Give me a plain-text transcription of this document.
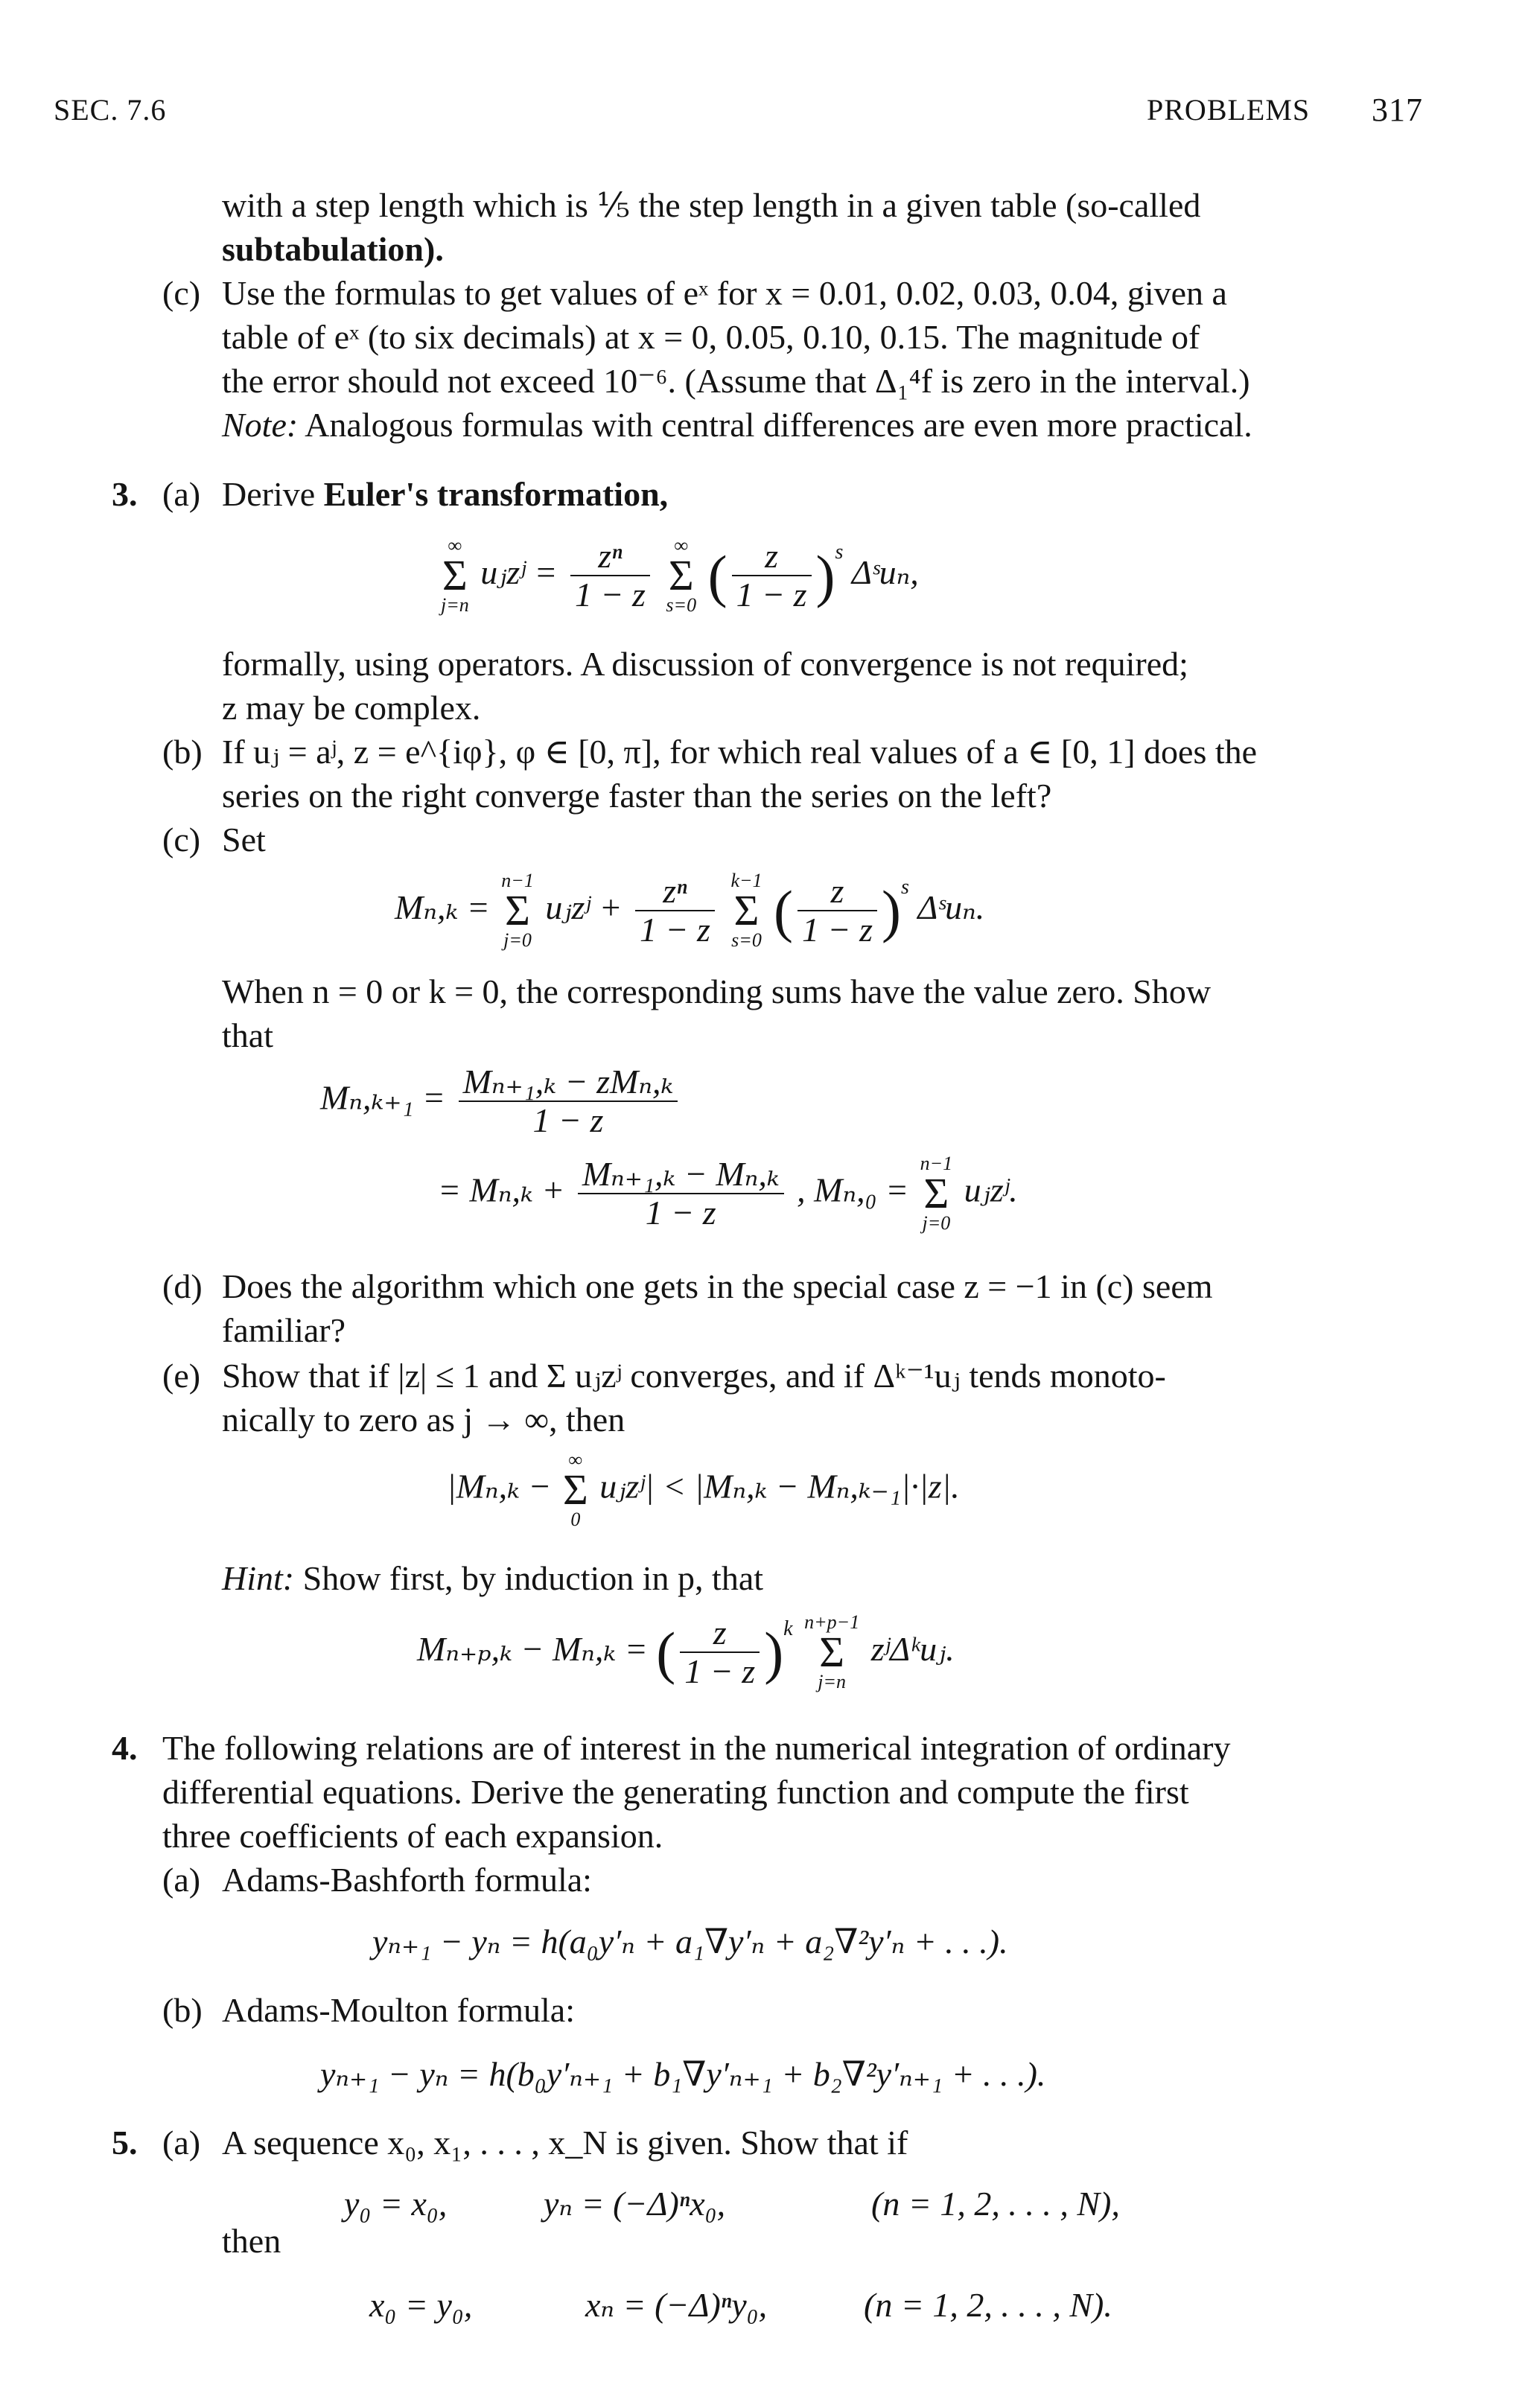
SEC. 7.6	PROBLEMS 317
with a step length which is ⅕ the step length in a given table (so-called
subtabulation).
(c) Use the formulas to get values of eˣ for x = 0.01, 0.02, 0.03, 0.04, given a
table of eˣ (to six decimals) at x = 0, 0.05, 0.10, 0.15. The magnitude of
the error should not exceed 10⁻⁶. (Assume that Δ₁⁴f is zero in the interval.)
Note: Analogous formulas with central differences are even more practical.
3. (a) Derive Euler's transformation,
∞
Σ
j=n
uⱼzʲ = $\frac{\text{zⁿ}}{1 - z}$
	∞
Σ
s=0 ( $\frac{z}{1 - z} )^s$ Δˢuₙ,
formally, using operators. A discussion of convergence is not required;
z may be complex.
(b) If uⱼ = aʲ, z = e^{iφ}, φ ∈ [0, π], for which real values of a ∈ [0, 1] does the
series on the right converge faster than the series on the left?
(c) Set
Mₙ,ₖ =
n−1
Σ
j=0
uⱼzʲ + $\frac{\text{zⁿ}}{1 - z}$
k−1
Σ
s=0 ( $\frac{z}{1 - z} )^s$ Δˢuₙ.
When n = 0 or k = 0, the corresponding sums have the value zero. Show
that
$M_n,_{k+1} = \frac{\text{Mₙ₊₁,ₖ − zMₙ,ₖ}}{1 - z}$
= $M_n,_k + \frac{\text{Mₙ₊₁,ₖ − Mₙ,ₖ}}{1 - z}$ , Mₙ,₀ =
n−1
Σ
j=0
uⱼzʲ.
(d) Does the algorithm which one gets in the special case z = −1 in (c) seem
familiar?
(e) Show that if |z| ≤ 1 and Σ uⱼzʲ converges, and if Δᵏ⁻¹uⱼ tends monoto-
nically to zero as j → ∞, then
|Mₙ,ₖ −
∞
Σ
0
uⱼzʲ| < |Mₙ,ₖ − Mₙ,ₖ₋₁|·|z|.
Hint: Show first, by induction in p, that
Mₙ₊ₚ,ₖ − Mₙ,ₖ = ( $\frac{z}{1 - z} )^k$ n+p−1
Σ
j=n
zʲΔᵏuⱼ.
4. The following relations are of interest in the numerical integration of ordinary
differential equations. Derive the generating function and compute the first
three coefficients of each expansion.
(a) Adams-Bashforth formula:
yₙ₊₁ − yₙ = h(a₀y′ₙ + a₁∇y′ₙ + a₂∇²y′ₙ + . . .).
(b) Adams-Moulton formula:
yₙ₊₁ − yₙ = h(b₀y′ₙ₊₁ + b₁∇y′ₙ₊₁ + b₂∇²y′ₙ₊₁ + . . .).
5. (a) A sequence x₀, x₁, . . . , x_N is given. Show that if
y₀ = x₀,	yₙ = (−Δ)ⁿx₀,	(n = 1, 2, . . . , N),
then
x₀ = y₀,	xₙ = (−Δ)ⁿy₀,	(n = 1, 2, . . . , N).
